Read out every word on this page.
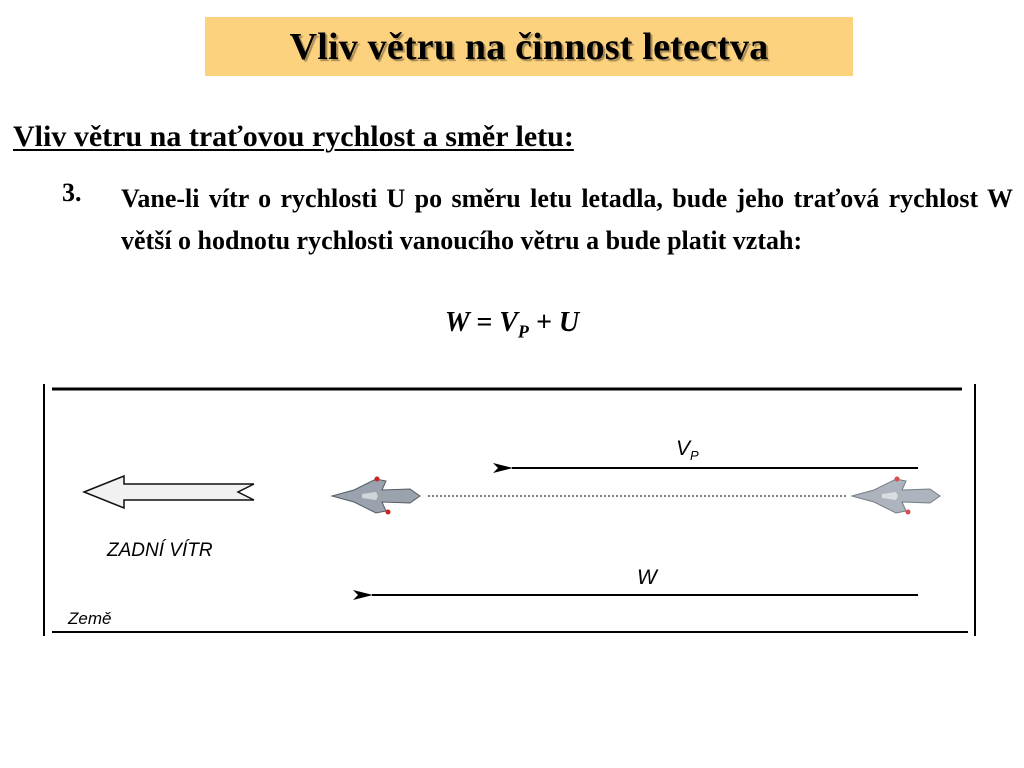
Vliv větru na činnost letectva
Vliv větru na traťovou rychlost a směr letu:
3. Vane-li vítr o rychlosti U po směru letu letadla, bude jeho traťová rychlost W větší o hodnotu rychlosti vanoucího větru a bude platit vztah:

$W = V_P + U$
ZADNÍ VÍTR
$V_P$
W
Země
